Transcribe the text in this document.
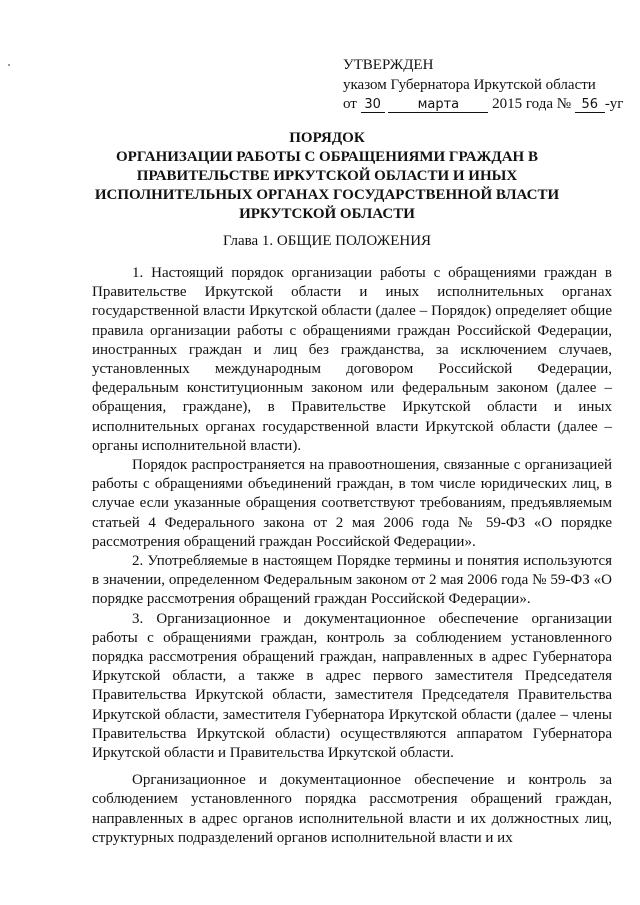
УТВЕРЖДЕН
указом Губернатора Иркутской области
от 30	марта 2015 года № 56 -уг
ПОРЯДОК
ОРГАНИЗАЦИИ РАБОТЫ С ОБРАЩЕНИЯМИ ГРАЖДАН В
ПРАВИТЕЛЬСТВЕ ИРКУТСКОЙ ОБЛАСТИ И ИНЫХ
ИСПОЛНИТЕЛЬНЫХ ОРГАНАХ ГОСУДАРСТВЕННОЙ ВЛАСТИ
ИРКУТСКОЙ ОБЛАСТИ
Глава 1. ОБЩИЕ ПОЛОЖЕНИЯ

1. Настоящий порядок организации работы с обращениями граждан в Правительстве Иркутской области и иных исполнительных органах государственной власти Иркутской области (далее – Порядок) определяет общие правила организации работы с обращениями граждан Российской Федерации, иностранных граждан и лиц без гражданства, за исключением случаев, установленных международным договором Российской Федерации, федеральным конституционным законом или федеральным законом (далее – обращения, граждане), в Правительстве Иркутской области и иных исполнительных органах государственной власти Иркутской области (далее – органы исполнительной власти).

Порядок распространяется на правоотношения, связанные с организацией работы с обращениями объединений граждан, в том числе юридических лиц, в случае если указанные обращения соответствуют требованиям, предъявляемым статьей 4 Федерального закона от 2 мая 2006 года № 59-ФЗ «О порядке рассмотрения обращений граждан Российской Федерации».

2. Употребляемые в настоящем Порядке термины и понятия используются в значении, определенном Федеральным законом от 2 мая 2006 года № 59-ФЗ «О порядке рассмотрения обращений граждан Российской Федерации».

3. Организационное и документационное обеспечение организации работы с обращениями граждан, контроль за соблюдением установленного порядка рассмотрения обращений граждан, направленных в адрес Губернатора Иркутской области, а также в адрес первого заместителя Председателя Правительства Иркутской области, заместителя Председателя Правительства Иркутской области, заместителя Губернатора Иркутской области (далее – члены Правительства Иркутской области) осуществляются аппаратом Губернатора Иркутской области и Правительства Иркутской области.

Организационное и документационное обеспечение и контроль за соблюдением установленного порядка рассмотрения обращений граждан, направленных в адрес органов исполнительной власти и их должностных лиц, структурных подразделений органов исполнительной власти и их
